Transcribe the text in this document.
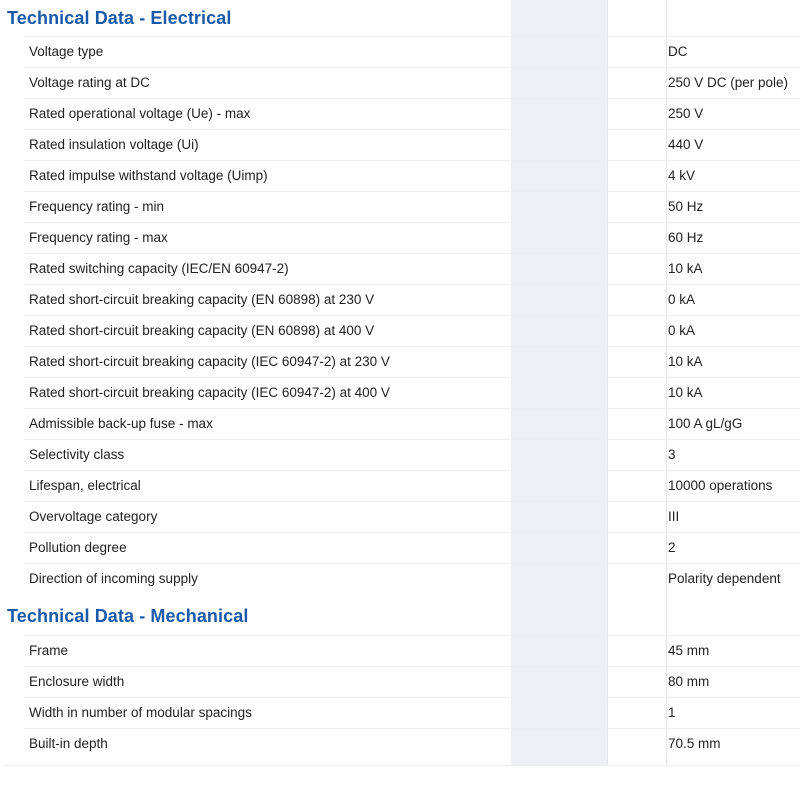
Technical Data - Electrical
Voltage type	DC
Voltage rating at DC	250 V DC (per pole)
Rated operational voltage (Ue) - max	250 V
Rated insulation voltage (Ui)	440 V
Rated impulse withstand voltage (Uimp)	4 kV
Frequency rating - min	50 Hz
Frequency rating - max	60 Hz
Rated switching capacity (IEC/EN 60947-2)	10 kA
Rated short-circuit breaking capacity (EN 60898) at 230 V	0 kA
Rated short-circuit breaking capacity (EN 60898) at 400 V	0 kA
Rated short-circuit breaking capacity (IEC 60947-2) at 230 V	10 kA
Rated short-circuit breaking capacity (IEC 60947-2) at 400 V	10 kA
Admissible back-up fuse - max	100 A gL/gG
Selectivity class	3
Lifespan, electrical	10000 operations
Overvoltage category	III
Pollution degree	2
Direction of incoming supply	Polarity dependent
Technical Data - Mechanical
Frame	45 mm
Enclosure width	80 mm
Width in number of modular spacings	1
Built-in depth	70.5 mm
